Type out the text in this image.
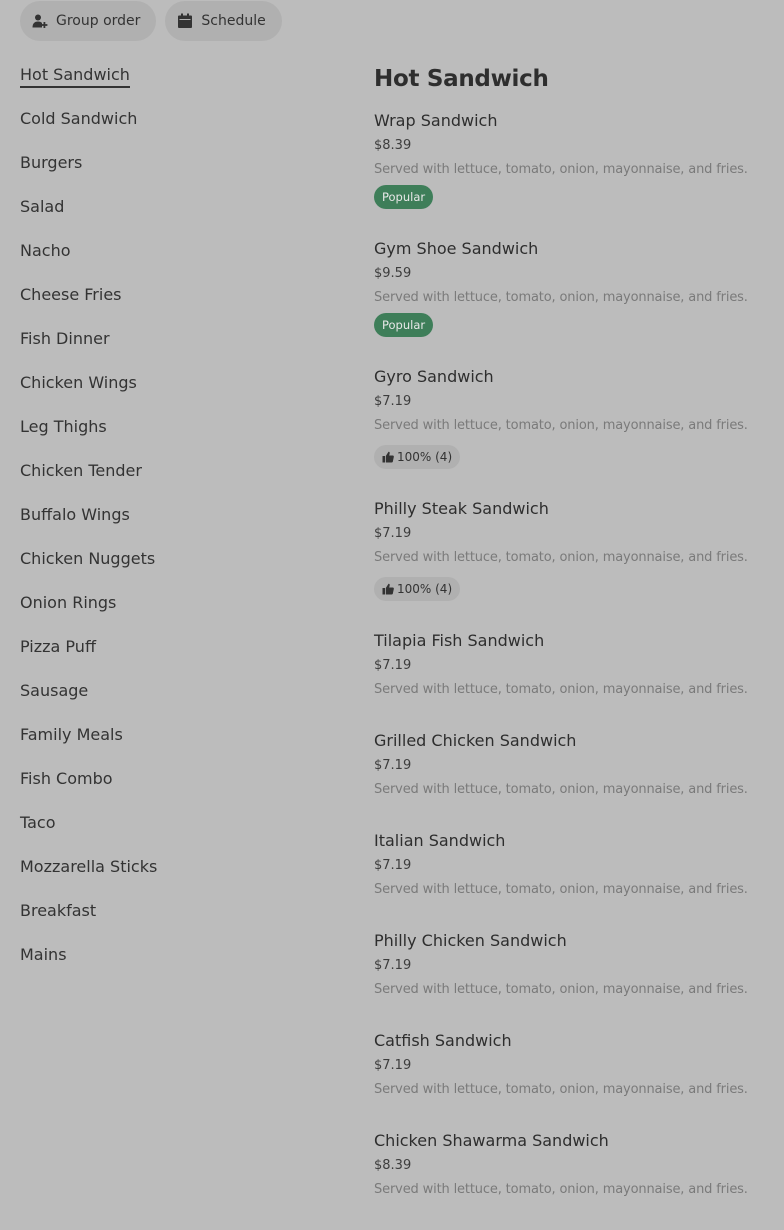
Group order	Schedule
Hot Sandwich
Cold Sandwich
Burgers
Salad
Nacho
Cheese Fries
Fish Dinner
Chicken Wings
Leg Thighs
Chicken Tender
Buffalo Wings
Chicken Nuggets
Onion Rings
Pizza Puff
Sausage
Family Meals
Fish Combo
Taco
Mozzarella Sticks
Breakfast
Mains
Hot Sandwich
Wrap Sandwich
$8.39
Served with lettuce, tomato, onion, mayonnaise, and fries.
Popular
Gym Shoe Sandwich
$9.59
Served with lettuce, tomato, onion, mayonnaise, and fries.
Popular
Gyro Sandwich
$7.19
Served with lettuce, tomato, onion, mayonnaise, and fries.
100% (4)
Philly Steak Sandwich
$7.19
Served with lettuce, tomato, onion, mayonnaise, and fries.
100% (4)
Tilapia Fish Sandwich
$7.19
Served with lettuce, tomato, onion, mayonnaise, and fries.
Grilled Chicken Sandwich
$7.19
Served with lettuce, tomato, onion, mayonnaise, and fries.
Italian Sandwich
$7.19
Served with lettuce, tomato, onion, mayonnaise, and fries.
Philly Chicken Sandwich
$7.19
Served with lettuce, tomato, onion, mayonnaise, and fries.
Catfish Sandwich
$7.19
Served with lettuce, tomato, onion, mayonnaise, and fries.
Chicken Shawarma Sandwich
$8.39
Served with lettuce, tomato, onion, mayonnaise, and fries.
